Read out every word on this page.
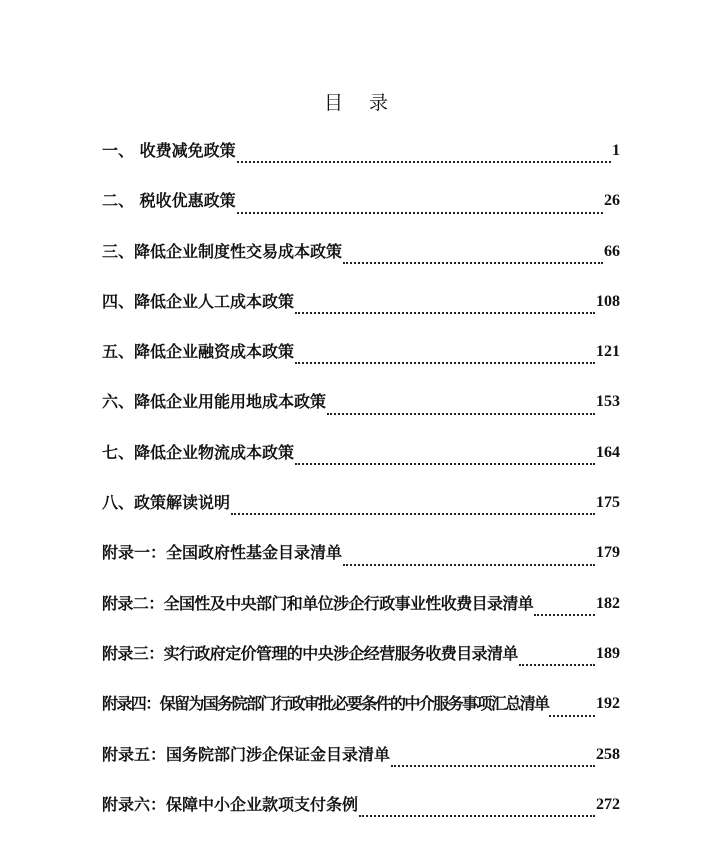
目 录
一、 收费减免政策	1
二、 税收优惠政策	26
三、降低企业制度性交易成本政策	66
四、降低企业人工成本政策	108
五、降低企业融资成本政策	121
六、降低企业用能用地成本政策	153
七、降低企业物流成本政策	164
八、政策解读说明	175
附录一：全国政府性基金目录清单	179
附录二：全国性及中央部门和单位涉企行政事业性收费目录清单	182
附录三：实行政府定价管理的中央涉企经营服务收费目录清单	189
附录四：保留为国务院部门行政审批必要条件的中介服务事项汇总清单	192
附录五：国务院部门涉企保证金目录清单	258
附录六：保障中小企业款项支付条例	272
